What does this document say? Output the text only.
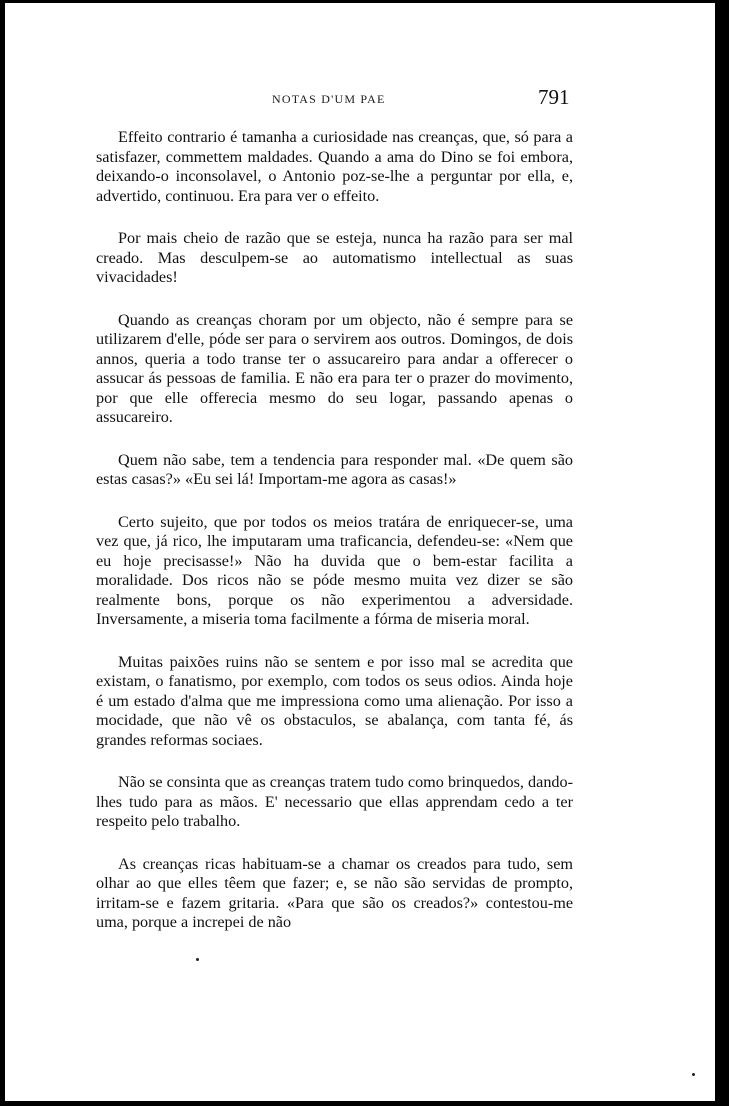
NOTAS D'UM PAE	791

Effeito contrario é tamanha a curiosidade nas creanças, que, só para a satisfazer, commettem maldades. Quando a ama do Dino se foi embora, deixando-o inconsolavel, o Antonio poz-se-lhe a perguntar por ella, e, advertido, continuou. Era para ver o effeito.

Por mais cheio de razão que se esteja, nunca ha razão para ser mal creado. Mas desculpem-se ao automatismo intellectual as suas vivacidades!

Quando as creanças choram por um objecto, não é sempre para se utilizarem d'elle, póde ser para o servirem aos outros. Domingos, de dois annos, queria a todo transe ter o assucareiro para andar a offerecer o assucar ás pessoas de familia. E não era para ter o prazer do movimento, por que elle offerecia mesmo do seu logar, passando apenas o assucareiro.

Quem não sabe, tem a tendencia para responder mal. «De quem são estas casas?» «Eu sei lá! Importam-me agora as casas!»

Certo sujeito, que por todos os meios tratára de enriquecer-se, uma vez que, já rico, lhe imputaram uma traficancia, defendeu-se: «Nem que eu hoje precisasse!» Não ha duvida que o bem-estar facilita a moralidade. Dos ricos não se póde mesmo muita vez dizer se são realmente bons, porque os não experimentou a adversidade. Inversamente, a miseria toma facilmente a fórma de miseria moral.

Muitas paixões ruins não se sentem e por isso mal se acredita que existam, o fanatismo, por exemplo, com todos os seus odios. Ainda hoje é um estado d'alma que me impressiona como uma alienação. Por isso a mocidade, que não vê os obstaculos, se abalança, com tanta fé, ás grandes reformas sociaes.

Não se consinta que as creanças tratem tudo como brinquedos, dando-lhes tudo para as mãos. E' necessario que ellas apprendam cedo a ter respeito pelo trabalho.

As creanças ricas habituam-se a chamar os creados para tudo, sem olhar ao que elles têem que fazer; e, se não são servidas de prompto, irritam-se e fazem gritaria. «Para que são os creados?» contestou-me uma, porque a increpei de não
